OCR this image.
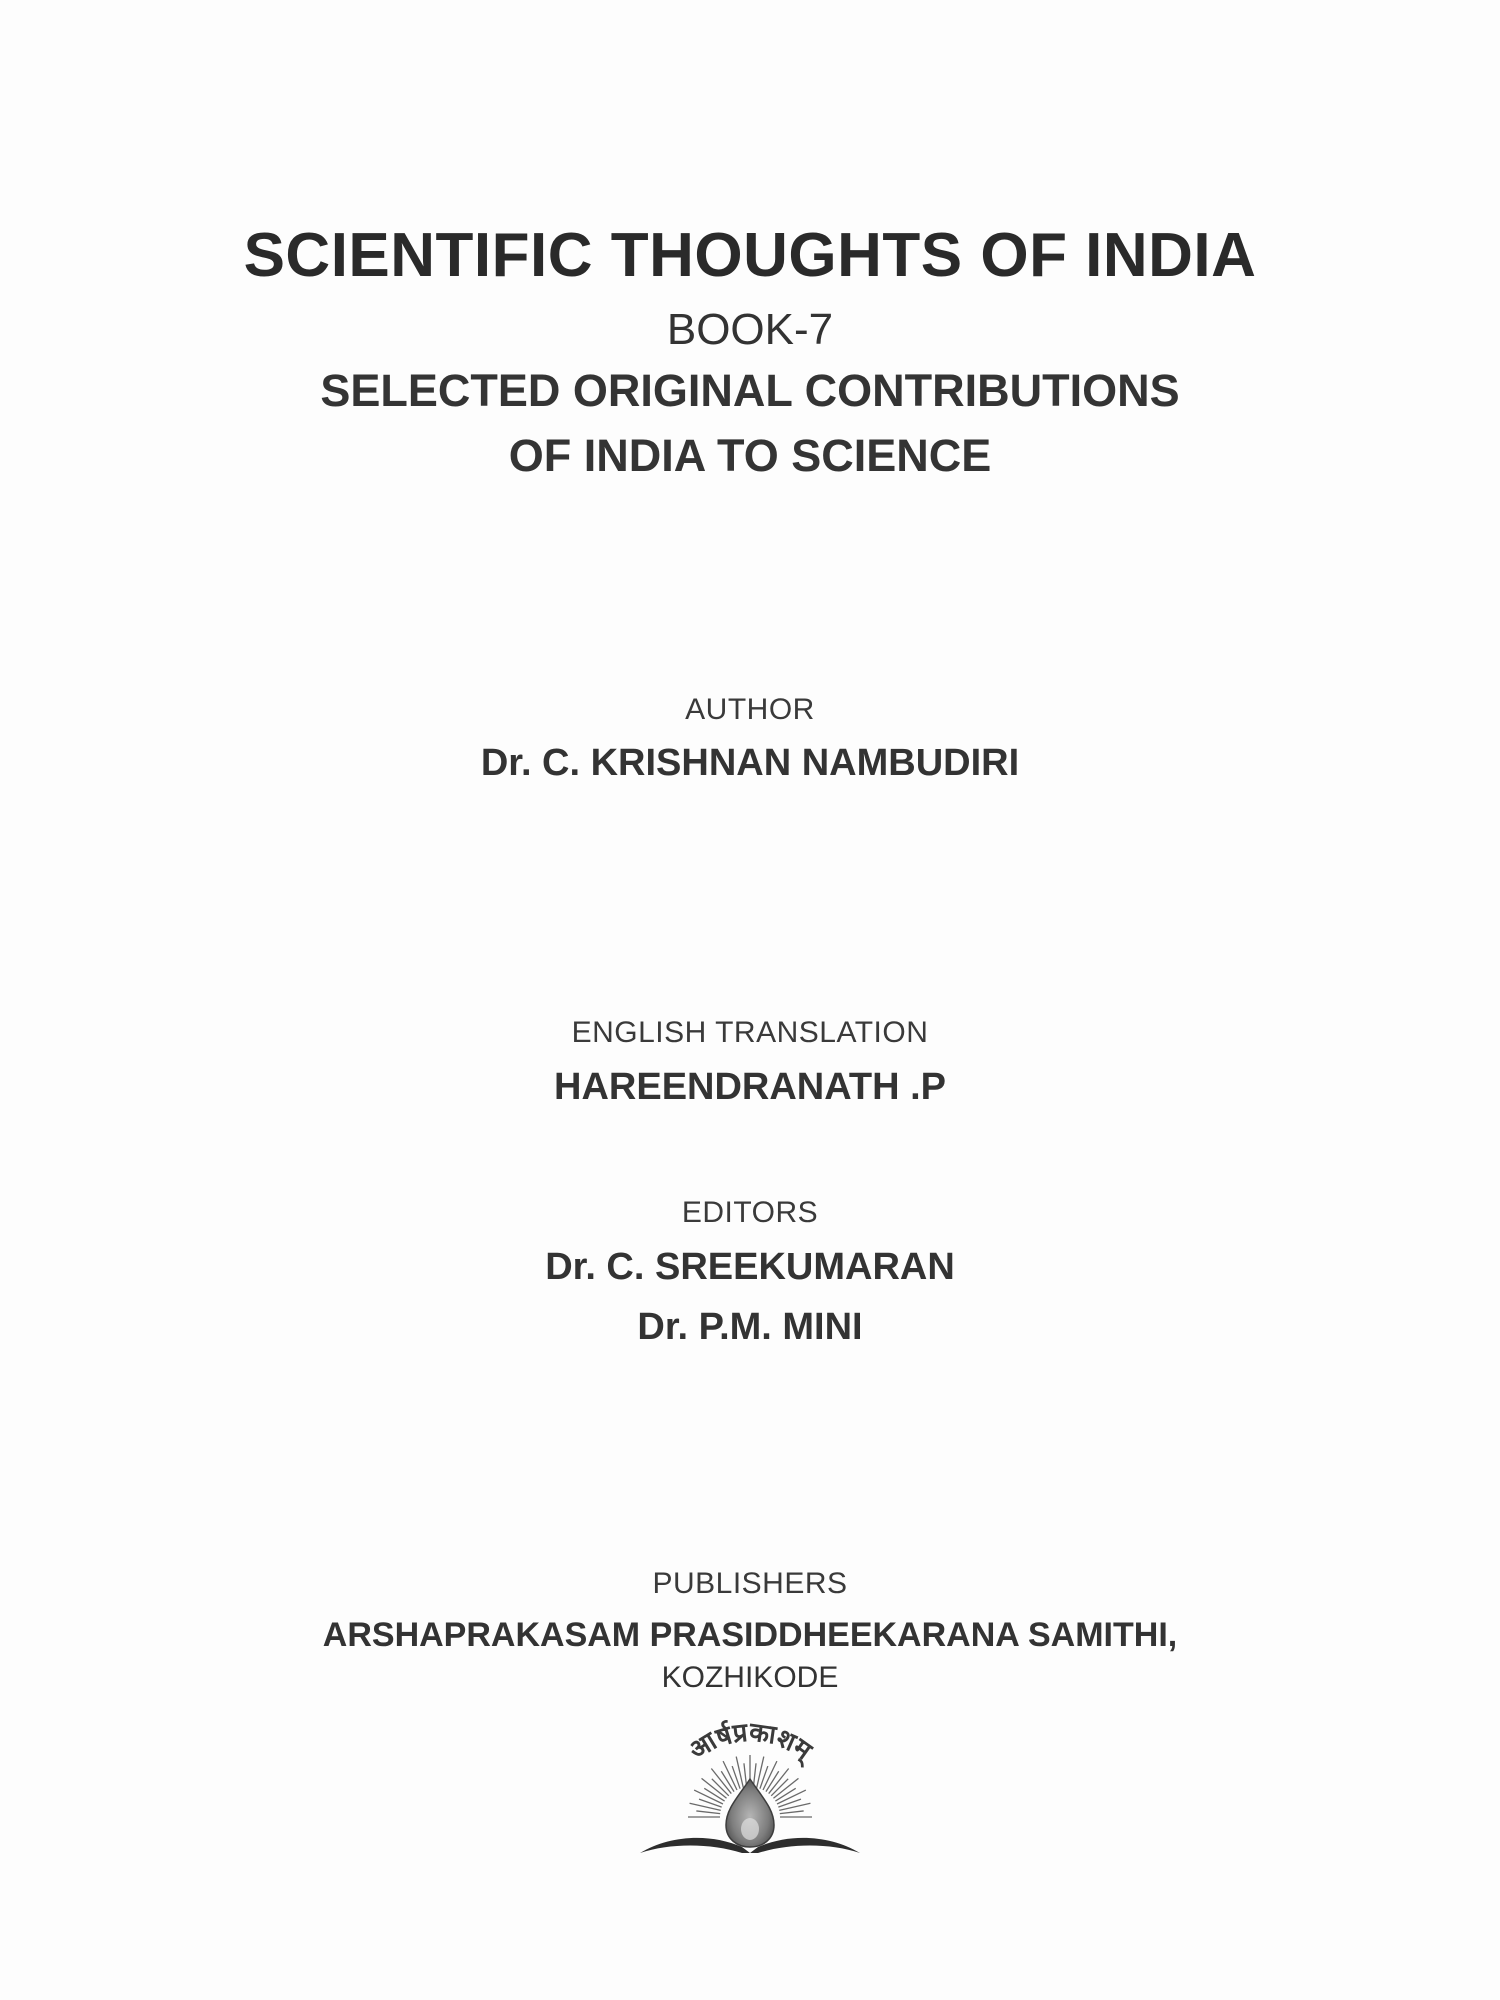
SCIENTIFIC THOUGHTS OF INDIA
BOOK-7
SELECTED ORIGINAL CONTRIBUTIONS
OF INDIA TO SCIENCE
AUTHOR
Dr. C. KRISHNAN NAMBUDIRI
ENGLISH TRANSLATION
HAREENDRANATH .P
EDITORS
Dr. C. SREEKUMARAN
Dr. P.M. MINI
PUBLISHERS
ARSHAPRAKASAM PRASIDDHEEKARANA SAMITHI,
KOZHIKODE
आर्षप्रकाशम्
